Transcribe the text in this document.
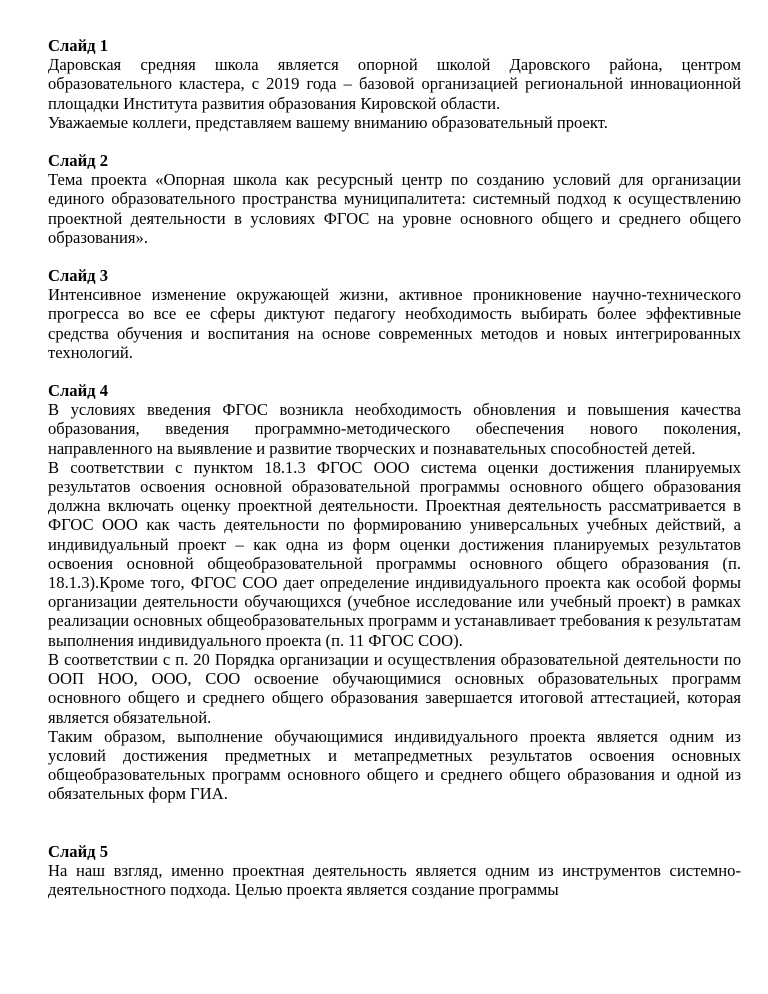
Слайд 1

Даровская средняя школа является опорной школой Даровского района, центром образовательного кластера, с 2019 года – базовой организацией региональной инновационной площадки Института развития образования Кировской области.

Уважаемые коллеги, представляем вашему вниманию образовательный проект.

Слайд 2

Тема проекта «Опорная школа как ресурсный центр по созданию условий для организации единого образовательного пространства муниципалитета: системный подход к осуществлению проектной деятельности в условиях ФГОС на уровне основного общего и среднего общего образования».

Слайд 3

Интенсивное изменение окружающей жизни, активное проникновение научно-технического прогресса во все ее сферы диктуют педагогу необходимость выбирать более эффективные средства обучения и воспитания на основе современных методов и новых интегрированных технологий.

Слайд 4

В условиях введения ФГОС возникла необходимость обновления и повышения качества образования, введения программно-методического обеспечения нового поколения, направленного на выявление и развитие творческих и познавательных способностей детей.

В соответствии с пунктом 18.1.3 ФГОС ООО система оценки достижения планируемых результатов освоения основной образовательной программы основного общего образования должна включать оценку проектной деятельности. Проектная деятельность рассматривается в ФГОС ООО как часть деятельности по формированию универсальных учебных действий, а индивидуальный проект – как одна из форм оценки достижения планируемых результатов освоения основной общеобразовательной программы основного общего образования (п. 18.1.3).Кроме того, ФГОС СОО дает определение индивидуального проекта как особой формы организации деятельности обучающихся (учебное исследование или учебный проект) в рамках реализации основных общеобразовательных программ и устанавливает требования к результатам выполнения индивидуального проекта (п. 11 ФГОС СОО).

В соответствии с п. 20 Порядка организации и осуществления образовательной деятельности по ООП НОО, ООО, СОО освоение обучающимися основных образовательных программ основного общего и среднего общего образования завершается итоговой аттестацией, которая является обязательной.

Таким образом, выполнение обучающимися индивидуального проекта является одним из условий достижения предметных и метапредметных результатов освоения основных общеобразовательных программ основного общего и среднего общего образования и одной из обязательных форм ГИА.

Слайд 5

На наш взгляд, именно проектная деятельность является одним из инструментов системно-деятельностного подхода. Целью проекта является создание программы
